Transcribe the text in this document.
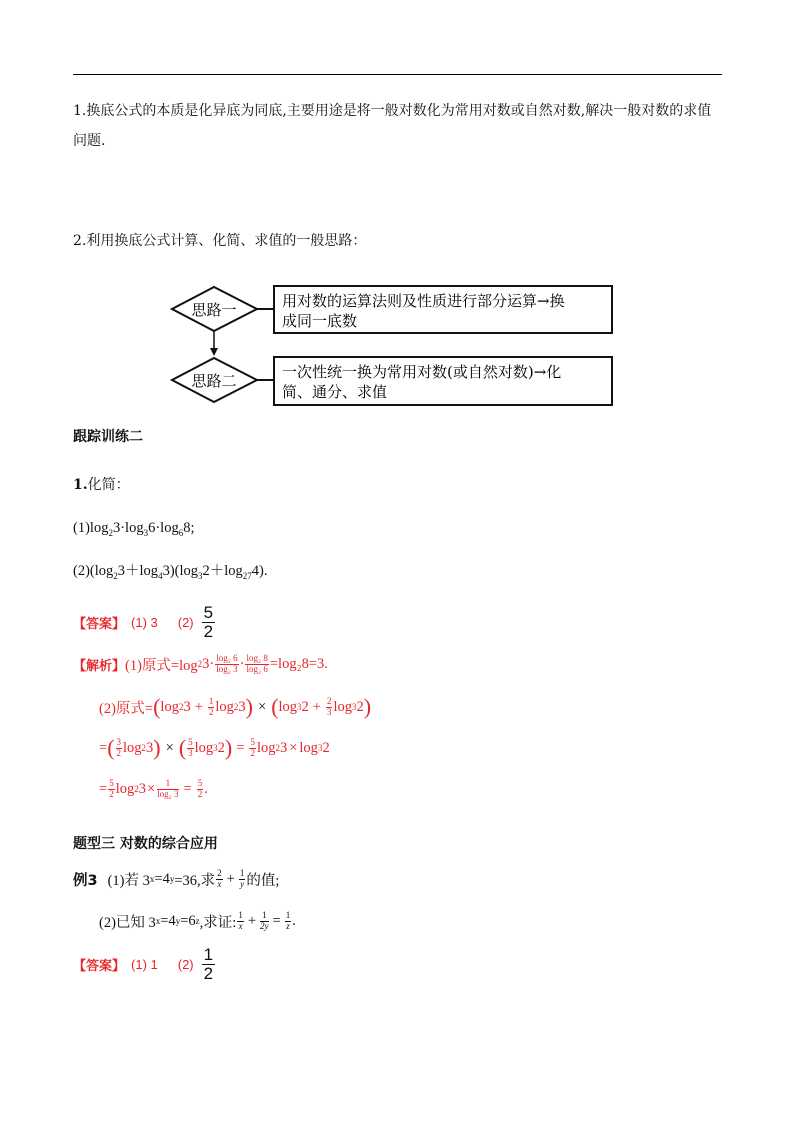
1.换底公式的本质是化异底为同底,主要用途是将一般对数化为常用对数或自然对数,解决一般对数的求值
问题.
2.利用换底公式计算、化简、求值的一般思路：
思路一	用对数的运算法则及性质进行部分运算→换
成同一底数
思路二	一次性统一换为常用对数(或自然对数)→化
简、通分、求值
跟踪训练二
1.化简：
$(1)\log_23\cdot\log_36\cdot\log_68$;
$(2)(\log_23+\log_43)(\log_32+\log_{27}4)$.
【答案】 (1) 3 $(2) \frac{5}{2}$
【解析】 (1)原式=log 2 $3\cdot \frac{\text{log₂ 6}}{\text{log₂ 3}} \cdot \frac{\text{log₂ 8}}{\text{log₂ 6}} =\log_28=3$.
(2)原式= ( log 2 $3 + \frac{1}{2}$ log 2 3 ) × ( log 3 $2 + \frac{2}{3}$ log 3 2 )
= ( $\frac{3}{2}$ log 2 3 ) × ( $\frac{5}{3}$ log 3 2 ) = $\frac{5}{2}$ log 2 3 × log 3 2
= $\frac{5}{2}$ log 2 $3 \times \frac{1}{\text{log₂ 3}} = \frac{5}{2}$ .
题型三 对数的综合应用
例3 (1)若 3 x =4 y =36,求 $\frac{2}{x} + \frac{1}{y}$ 的值;
(2)已知 3 x =4 y =6 z ,求证: $\frac{1}{x} + \frac{1}{2y} = \frac{1}{z}$ .
【答案】 (1) 1 $(2) \frac{1}{2}$
